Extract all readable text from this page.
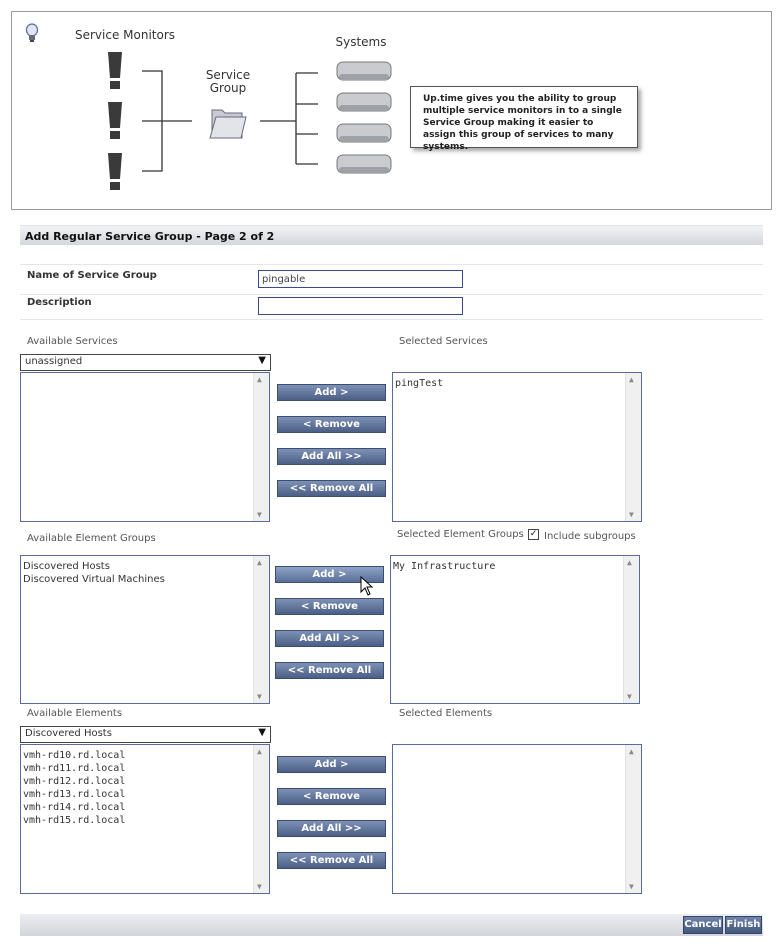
Service Monitors
Service
Group
Systems
Up.time gives you the ability to group multiple service monitors in to a single Service Group making it easier to assign this group of services to many systems.
Add Regular Service Group - Page 2 of 2
Name of Service Group
pingable
Description
Available Services	Selected Services
unassigned	▼
▲
▼
Add >
< Remove
Add All >>
<< Remove All
pingTest	▲
▼
Available Element Groups	Selected Element Groups ✓ Include subgroups
Discovered Hosts
Discovered Virtual Machines
▲
▼
Add >
< Remove
Add All >>
<< Remove All
My Infrastructure	▲
▼
Available Elements	Selected Elements
Discovered Hosts	▼
vmh-rd10.rd.local
vmh-rd11.rd.local
vmh-rd12.rd.local
vmh-rd13.rd.local
vmh-rd14.rd.local
vmh-rd15.rd.local
▲
▼
Add >
< Remove
Add All >>
<< Remove All
▲
▼
Cancel Finish
